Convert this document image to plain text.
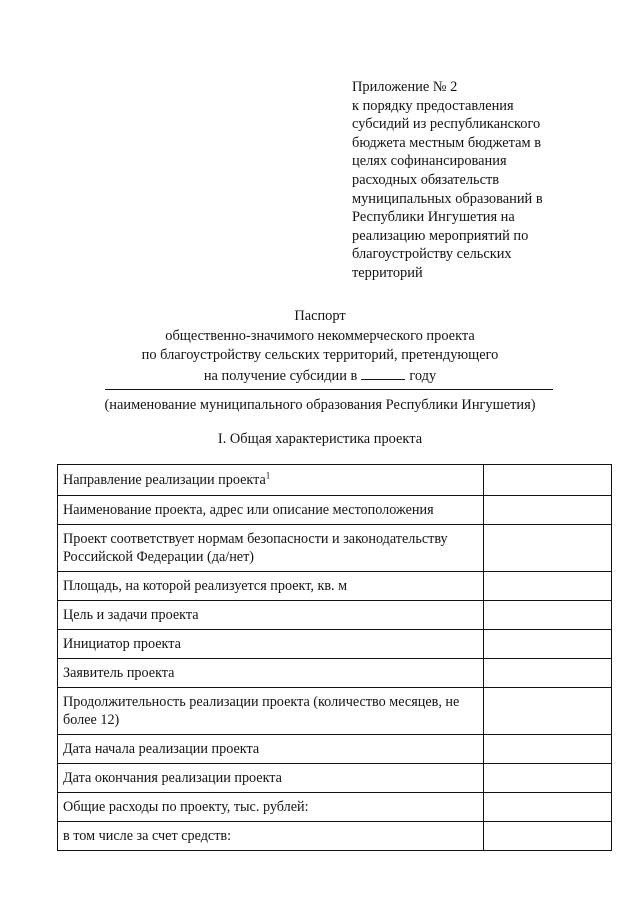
Приложение № 2
к порядку предоставления
субсидий из республиканского
бюджета местным бюджетам в
целях софинансирования
расходных обязательств
муниципальных образований в
Республики Ингушетия на
реализацию мероприятий по
благоустройству сельских
территорий
Паспорт
общественно-значимого некоммерческого проекта
по благоустройству сельских территорий, претендующего
на получение субсидии в	году
(наименование муниципального образования Республики Ингушетия)
I. Общая характеристика проекта
Направление реализации проекта$^1$	
Наименование проекта, адрес или описание местоположения	
Проект соответствует нормам безопасности и законодательству Российской Федерации (да/нет)	
Площадь, на которой реализуется проект, кв. м	
Цель и задачи проекта	
Инициатор проекта	
Заявитель проекта	
Продолжительность реализации проекта (количество месяцев, не более 12)	
Дата начала реализации проекта	
Дата окончания реализации проекта	
Общие расходы по проекту, тыс. рублей:	
в том числе за счет средств:	
